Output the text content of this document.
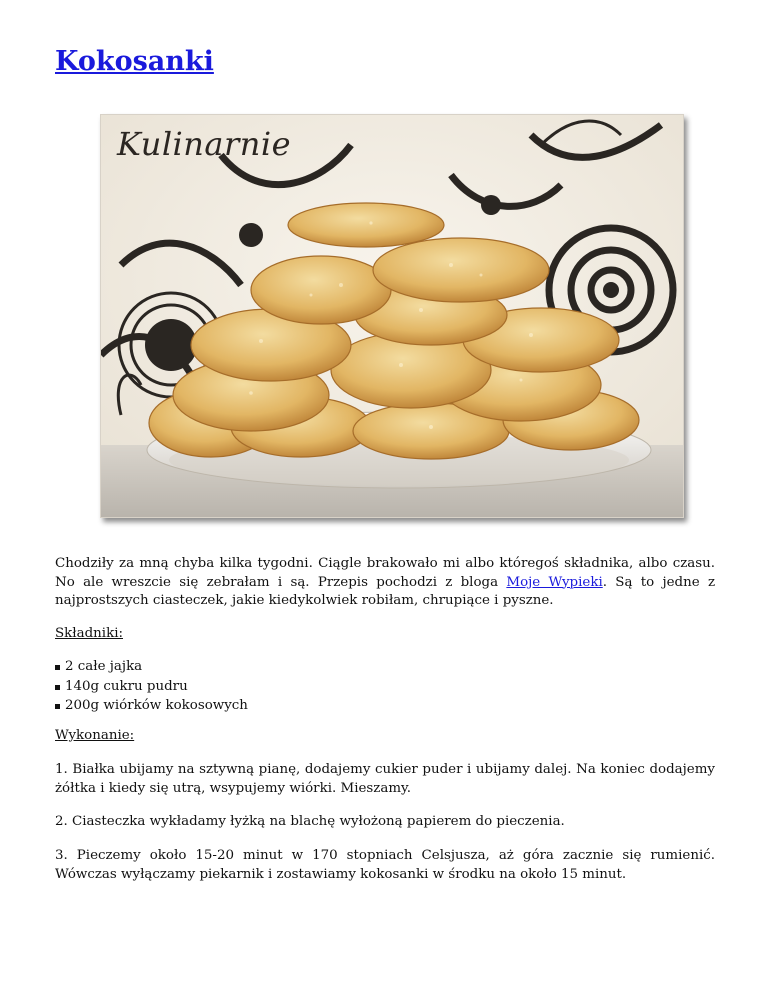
Kokosanki
Kulinarnie

Chodziły za mną chyba kilka tygodni. Ciągle brakowało mi albo któregoś składnika, albo czasu. No ale wreszcie się zebrałam i są. Przepis pochodzi z bloga Moje Wypieki. Są to jedne z najprostszych ciasteczek, jakie kiedykolwiek robiłam, chrupiące i pyszne.

Składniki:
2 całe jajka
140g cukru pudru
200g wiórków kokosowych
Wykonanie:

1. Białka ubijamy na sztywną pianę, dodajemy cukier puder i ubijamy dalej. Na koniec dodajemy żółtka i kiedy się utrą, wsypujemy wiórki. Mieszamy.

2. Ciasteczka wykładamy łyżką na blachę wyłożoną papierem do pieczenia.

3. Pieczemy około 15-20 minut w 170 stopniach Celsjusza, aż góra zacznie się rumienić. Wówczas wyłączamy piekarnik i zostawiamy kokosanki w środku na około 15 minut.
